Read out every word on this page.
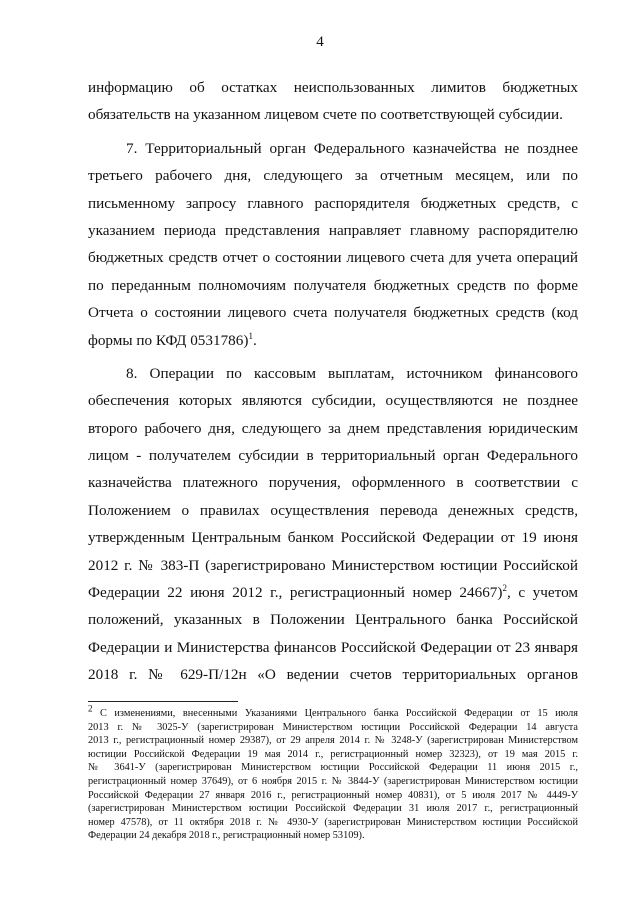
4
информацию об остатках неиспользованных лимитов бюджетных
обязательств на указанном лицевом счете по соответствующей субсидии.
7. Территориальный орган Федерального казначейства не позднее
третьего рабочего дня, следующего за отчетным месяцем, или по
письменному запросу главного распорядителя бюджетных средств, с
указанием периода представления направляет главному распорядителю
бюджетных средств отчет о состоянии лицевого счета для учета операций
по переданным полномочиям получателя бюджетных средств по форме
Отчета о состоянии лицевого счета получателя бюджетных средств (код
формы по КФД 0531786)$^1$.
8. Операции по кассовым выплатам, источником финансового
обеспечения которых являются субсидии, осуществляются не позднее
второго рабочего дня, следующего за днем представления юридическим
лицом - получателем субсидии в территориальный орган Федерального
казначейства платежного поручения, оформленного в соответствии с
Положением о правилах осуществления перевода денежных средств,
утвержденным Центральным банком Российской Федерации от 19 июня
2012 г. № 383-П (зарегистрировано Министерством юстиции Российской
Федерации 22 июня 2012 г., регистрационный номер 24667)$^2$, с учетом
положений, указанных в Положении Центрального банка Российской
Федерации и Министерства финансов Российской Федерации от 23 января
2018 г. № 629-П/12н «О ведении счетов территориальных органов
$^2$ С изменениями, внесенными Указаниями Центрального банка Российской Федерации от 15 июля
2013 г. № 3025-У (зарегистрирован Министерством юстиции Российской Федерации 14 августа
2013 г., регистрационный номер 29387), от 29 апреля 2014 г. № 3248-У (зарегистрирован Министерством
юстиции Российской Федерации 19 мая 2014 г., регистрационный номер 32323), от 19 мая 2015 г.
№ 3641-У (зарегистрирован Министерством юстиции Российской Федерации 11 июня 2015 г.,
регистрационный номер 37649), от 6 ноября 2015 г. № 3844-У (зарегистрирован Министерством юстиции
Российской Федерации 27 января 2016 г., регистрационный номер 40831), от 5 июля 2017 № 4449-У
(зарегистрирован Министерством юстиции Российской Федерации 31 июля 2017 г., регистрационный
номер 47578), от 11 октября 2018 г. № 4930-У (зарегистрирован Министерством юстиции Российской
Федерации 24 декабря 2018 г., регистрационный номер 53109).
